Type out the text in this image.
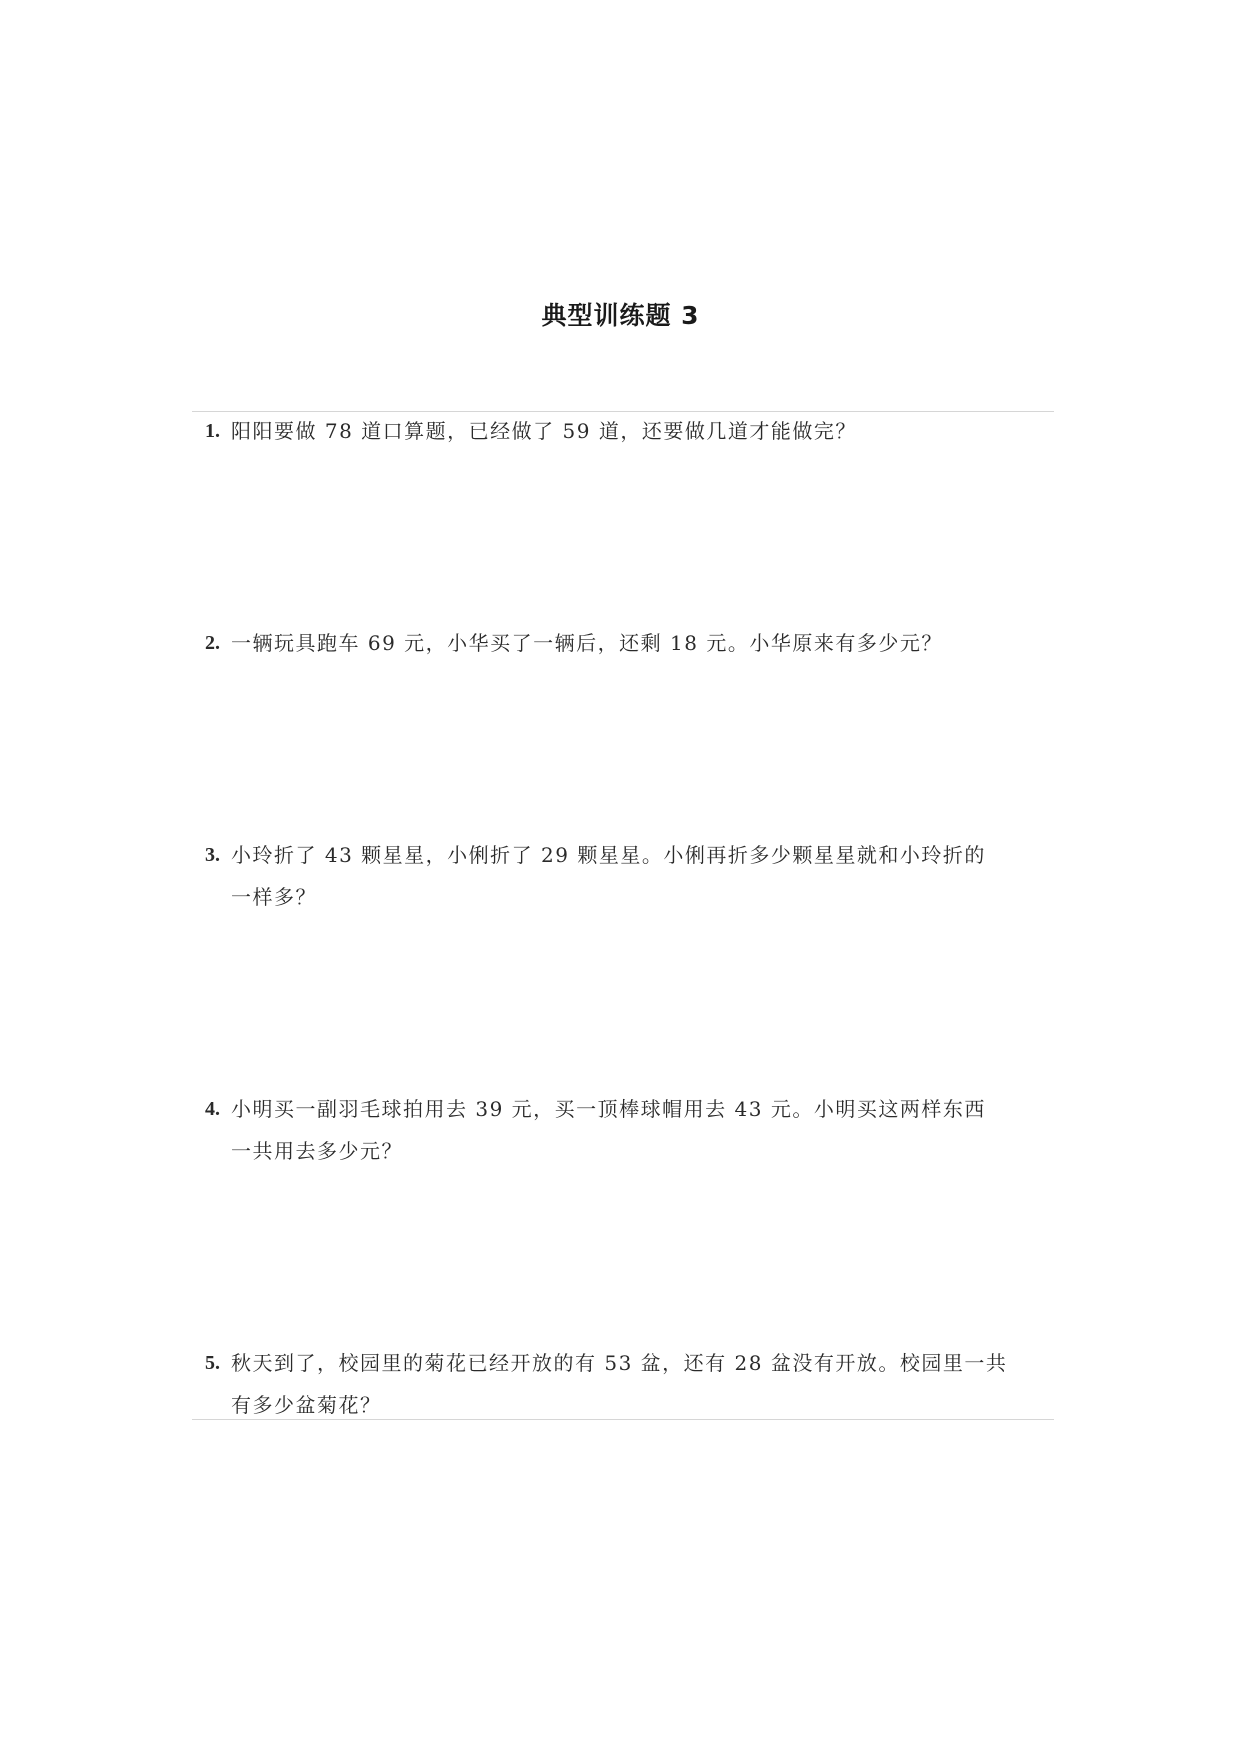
典型训练题 3
1. 阳阳要做 78 道口算题，已经做了 59 道，还要做几道才能做完？
2. 一辆玩具跑车 69 元，小华买了一辆后，还剩 18 元。小华原来有多少元？
3. 小玲折了 43 颗星星，小俐折了 29 颗星星。小俐再折多少颗星星就和小玲折的
一样多？
4. 小明买一副羽毛球拍用去 39 元，买一顶棒球帽用去 43 元。小明买这两样东西
一共用去多少元？
5. 秋天到了，校园里的菊花已经开放的有 53 盆，还有 28 盆没有开放。校园里一共
有多少盆菊花？
